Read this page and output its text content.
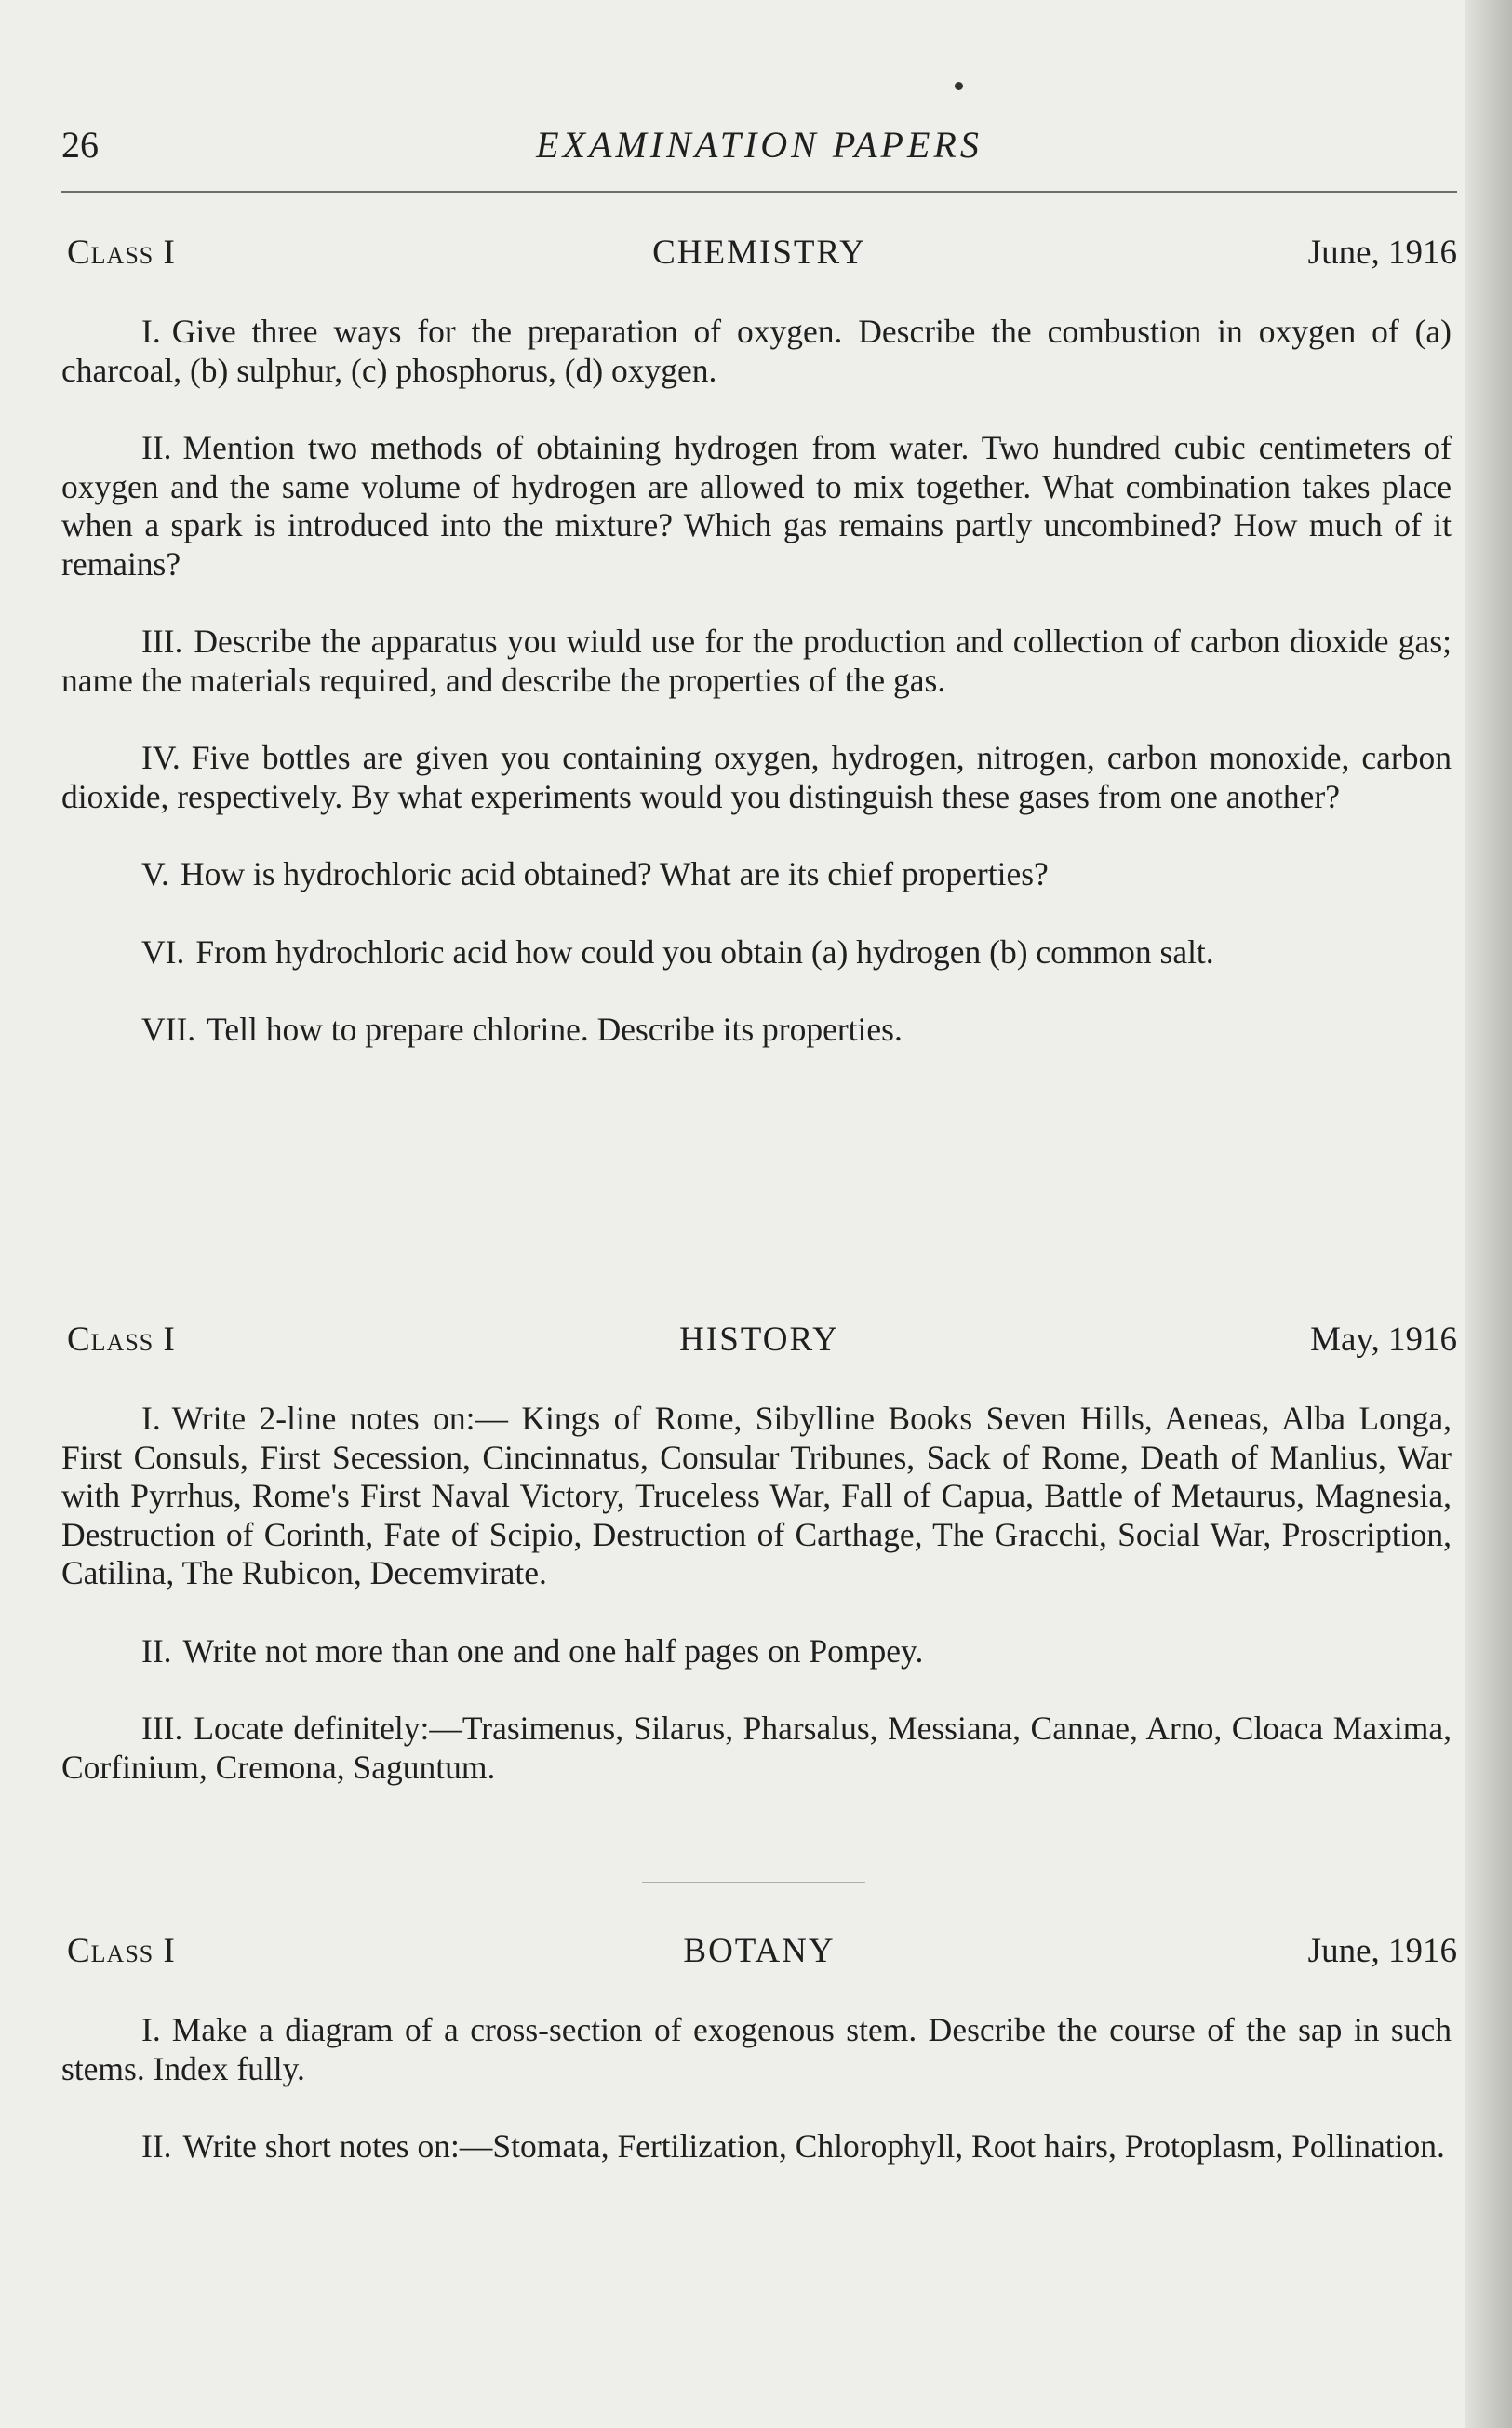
26	EXAMINATION PAPERS
Class I	CHEMISTRY	June, 1916

I. Give three ways for the preparation of oxygen. Describe the combustion in oxygen of (a) charcoal, (b) sulphur, (c) phosphorus, (d) oxygen.

II. Mention two methods of obtaining hydrogen from water. Two hundred cubic centimeters of oxygen and the same volume of hydrogen are allowed to mix together. What combination takes place when a spark is introduced into the mixture? Which gas remains partly uncombined? How much of it remains?

III. Describe the apparatus you wiuld use for the production and collection of carbon dioxide gas; name the materials required, and describe the properties of the gas.

IV. Five bottles are given you containing oxygen, hydrogen, nitrogen, carbon monoxide, carbon dioxide, respectively. By what experiments would you distinguish these gases from one another?

V. How is hydrochloric acid obtained? What are its chief properties?

VI. From hydrochloric acid how could you obtain (a) hydrogen (b) common salt.

VII. Tell how to prepare chlorine. Describe its properties.

Class I	HISTORY	May, 1916

I. Write 2-line notes on:— Kings of Rome, Sibylline Books Seven Hills, Aeneas, Alba Longa, First Consuls, First Secession, Cincinnatus, Consular Tribunes, Sack of Rome, Death of Manlius, War with Pyrrhus, Rome's First Naval Victory, Truceless War, Fall of Capua, Battle of Metaurus, Magnesia, Destruction of Corinth, Fate of Scipio, Destruction of Carthage, The Gracchi, Social War, Proscription, Catilina, The Rubicon, Decemvirate.

II. Write not more than one and one half pages on Pompey.

III. Locate definitely:—Trasimenus, Silarus, Pharsalus, Messiana, Cannae, Arno, Cloaca Maxima, Corfinium, Cremona, Saguntum.

Class I	BOTANY	June, 1916

I. Make a diagram of a cross-section of exogenous stem. Describe the course of the sap in such stems. Index fully.

II. Write short notes on:—Stomata, Fertilization, Chlorophyll, Root hairs, Protoplasm, Pollination.
